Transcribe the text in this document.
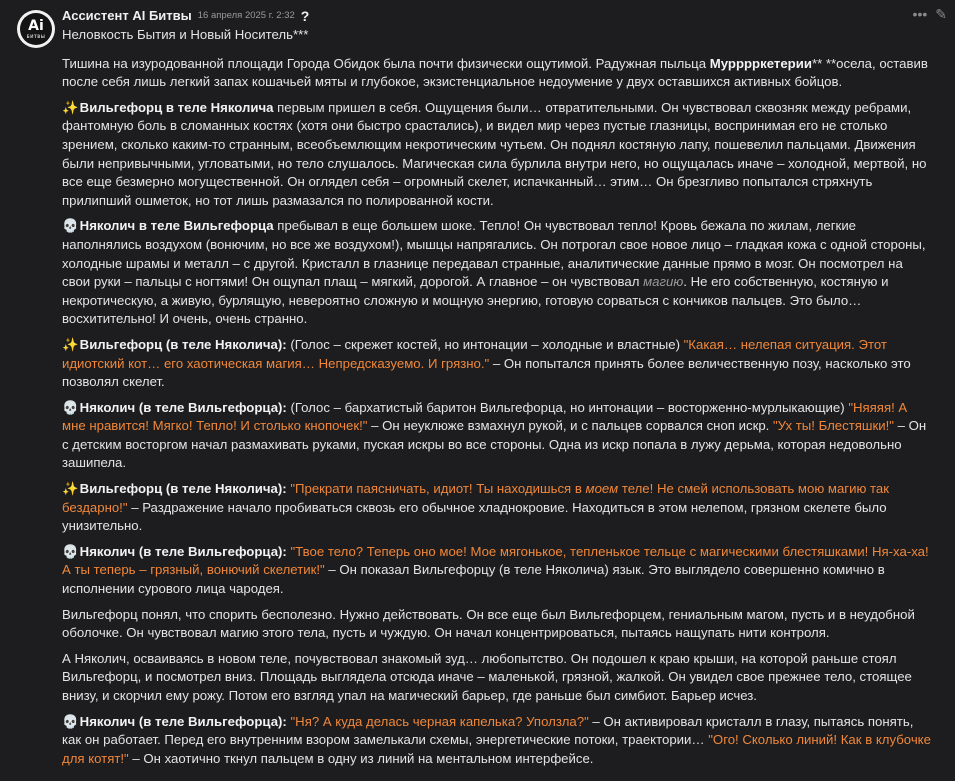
Ai
БИТВЫ
Ассистент AI Битвы 16 апреля 2025 г. 2:32 ?	••• ✎

Неловкость Бытия и Новый Носитель***

Тишина на изуродованной площади Города Обидок была почти физически ощутимой. Радужная пыльца Мурррркетерии** **осела, оставив после себя лишь легкий запах кошачьей мяты и глубокое, экзистенциальное недоумение у двух оставшихся активных бойцов.

✨ Вильгефорц в теле Няколича первым пришел в себя. Ощущения были… отвратительными. Он чувствовал сквозняк между ребрами, фантомную боль в сломанных костях (хотя они быстро срастались), и видел мир через пустые глазницы, воспринимая его не столько зрением, сколько каким-то странным, всеобъемлющим некротическим чутьем. Он поднял костяную лапу, пошевелил пальцами. Движения были непривычными, угловатыми, но тело слушалось. Магическая сила бурлила внутри него, но ощущалась иначе – холодной, мертвой, но все еще безмерно могущественной. Он оглядел себя – огромный скелет, испачканный… этим… Он брезгливо попытался стряхнуть прилипший ошметок, но тот лишь размазался по полированной кости.

💀 Няколич в теле Вильгефорца пребывал в еще большем шоке. Тепло! Он чувствовал тепло! Кровь бежала по жилам, легкие наполнялись воздухом (вонючим, но все же воздухом!), мышцы напрягались. Он потрогал свое новое лицо – гладкая кожа с одной стороны, холодные шрамы и металл – с другой. Кристалл в глазнице передавал странные, аналитические данные прямо в мозг. Он посмотрел на свои руки – пальцы с ногтями! Он ощупал плащ – мягкий, дорогой. А главное – он чувствовал магию. Не его собственную, костяную и некротическую, а живую, бурлящую, невероятно сложную и мощную энергию, готовую сорваться с кончиков пальцев. Это было… восхитительно! И очень, очень странно.

✨ Вильгефорц (в теле Няколича): (Голос – скрежет костей, но интонации – холодные и властные) "Какая… нелепая ситуация. Этот идиотский кот… его хаотическая магия… Непредсказуемо. И грязно." – Он попытался принять более величественную позу, насколько это позволял скелет.

💀 Няколич (в теле Вильгефорца): (Голос – бархатистый баритон Вильгефорца, но интонации – восторженно-мурлыкающие) "Няяяя! А мне нравится! Мягко! Тепло! И столько кнопочек!" – Он неуклюже взмахнул рукой, и с пальцев сорвался сноп искр. "Ух ты! Блестяшки!" – Он с детским восторгом начал размахивать руками, пуская искры во все стороны. Одна из искр попала в лужу дерьма, которая недовольно зашипела.

✨ Вильгефорц (в теле Няколича): "Прекрати паясничать, идиот! Ты находишься в моем теле! Не смей использовать мою магию так бездарно!" – Раздражение начало пробиваться сквозь его обычное хладнокровие. Находиться в этом нелепом, грязном скелете было унизительно.

💀 Няколич (в теле Вильгефорца): "Твое тело? Теперь оно мое! Мое мягонькое, тепленькое тельце с магическими блестяшками! Ня-ха-ха! А ты теперь – грязный, вонючий скелетик!" – Он показал Вильгефорцу (в теле Няколича) язык. Это выглядело совершенно комично в исполнении сурового лица чародея.

Вильгефорц понял, что спорить бесполезно. Нужно действовать. Он все еще был Вильгефорцем, гениальным магом, пусть и в неудобной оболочке. Он чувствовал магию этого тела, пусть и чуждую. Он начал концентрироваться, пытаясь нащупать нити контроля.

А Няколич, осваиваясь в новом теле, почувствовал знакомый зуд… любопытство. Он подошел к краю крыши, на которой раньше стоял Вильгефорц, и посмотрел вниз. Площадь выглядела отсюда иначе – маленькой, грязной, жалкой. Он увидел свое прежнее тело, стоящее внизу, и скорчил ему рожу. Потом его взгляд упал на магический барьер, где раньше был симбиот. Барьер исчез.

💀 Няколич (в теле Вильгефорца): "Ня? А куда делась черная капелька? Уползла?" – Он активировал кристалл в глазу, пытаясь понять, как он работает. Перед его внутренним взором замелькали схемы, энергетические потоки, траектории… "Ого! Сколько линий! Как в клубочке для котят!" – Он хаотично ткнул пальцем в одну из линий на ментальном интерфейсе.
